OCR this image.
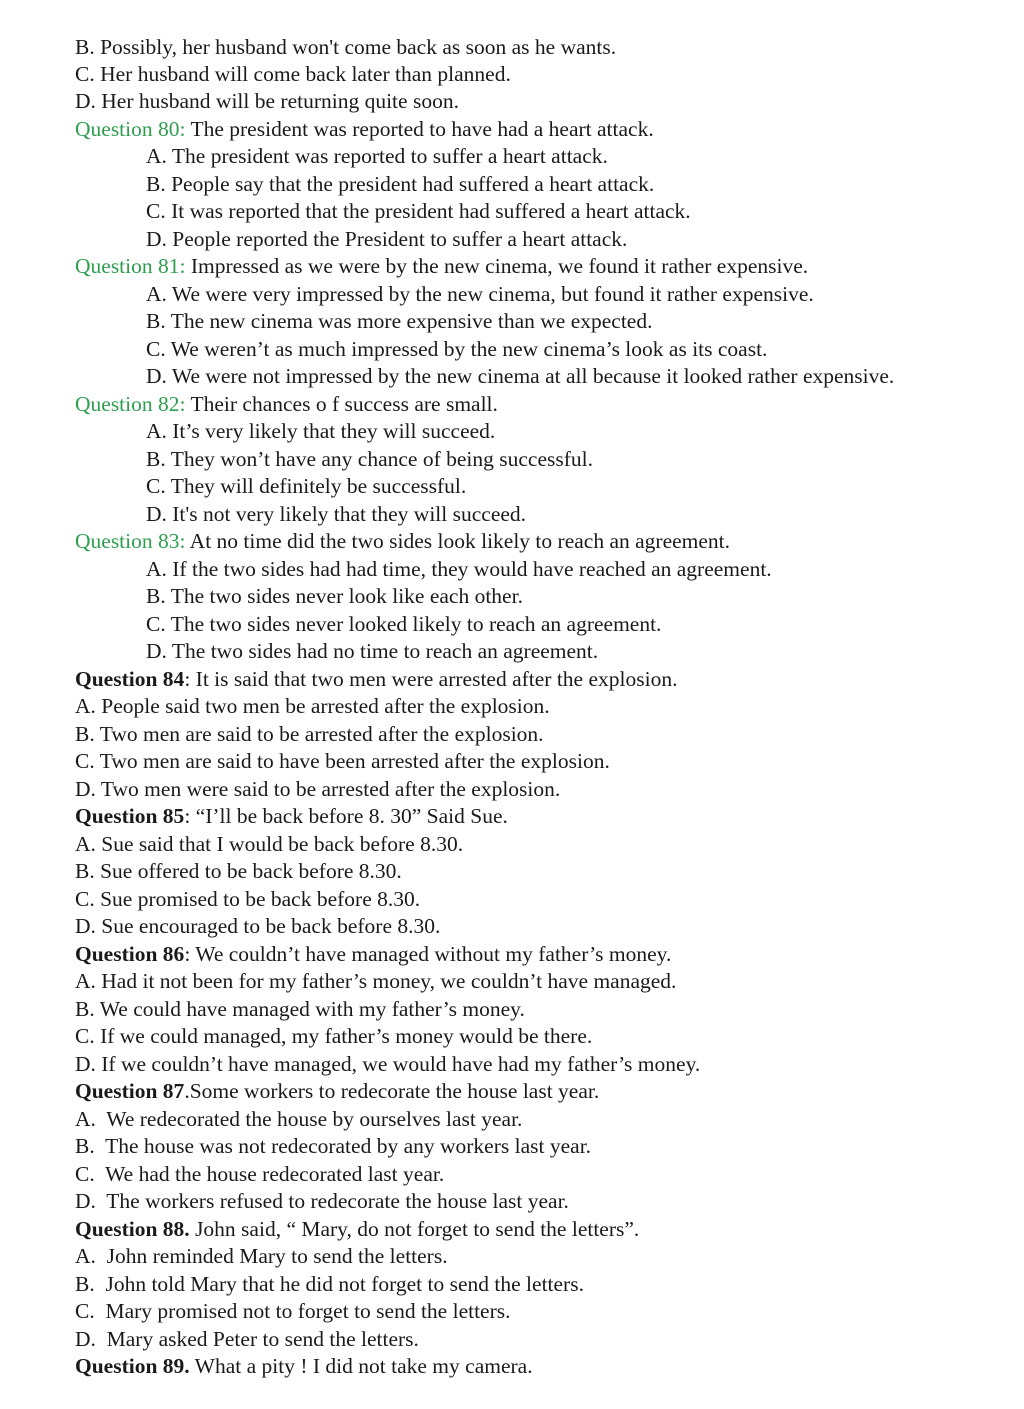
B. Possibly, her husband won't come back as soon as he wants.
C. Her husband will come back later than planned.
D. Her husband will be returning quite soon.
Question 80: The president was reported to have had a heart attack.
A. The president was reported to suffer a heart attack.
B. People say that the president had suffered a heart attack.
C. It was reported that the president had suffered a heart attack.
D. People reported the President to suffer a heart attack.
Question 81: Impressed as we were by the new cinema, we found it rather expensive.
A. We were very impressed by the new cinema, but found it rather expensive.
B. The new cinema was more expensive than we expected.
C. We weren’t as much impressed by the new cinema’s look as its coast.
D. We were not impressed by the new cinema at all because it looked rather expensive.
Question 82: Their chances o f success are small.
A. It’s very likely that they will succeed.
B. They won’t have any chance of being successful.
C. They will definitely be successful.
D. It's not very likely that they will succeed.
Question 83: At no time did the two sides look likely to reach an agreement.
A. If the two sides had had time, they would have reached an agreement.
B. The two sides never look like each other.
C. The two sides never looked likely to reach an agreement.
D. The two sides had no time to reach an agreement.
Question 84: It is said that two men were arrested after the explosion.
A. People said two men be arrested after the explosion.
B. Two men are said to be arrested after the explosion.
C. Two men are said to have been arrested after the explosion.
D. Two men were said to be arrested after the explosion.
Question 85: “I’ll be back before 8. 30” Said Sue.
A. Sue said that I would be back before 8.30.
B. Sue offered to be back before 8.30.
C. Sue promised to be back before 8.30.
D. Sue encouraged to be back before 8.30.
Question 86: We couldn’t have managed without my father’s money.
A. Had it not been for my father’s money, we couldn’t have managed.
B. We could have managed with my father’s money.
C. If we could managed, my father’s money would be there.
D. If we couldn’t have managed, we would have had my father’s money.
Question 87.Some workers to redecorate the house last year.
A.  We redecorated the house by ourselves last year.
B.  The house was not redecorated by any workers last year.
C.  We had the house redecorated last year.
D.  The workers refused to redecorate the house last year.
Question 88. John said, “ Mary, do not forget to send the letters”.
A.  John reminded Mary to send the letters.
B.  John told Mary that he did not forget to send the letters.
C.  Mary promised not to forget to send the letters.
D.  Mary asked Peter to send the letters.
Question 89. What a pity ! I did not take my camera.
